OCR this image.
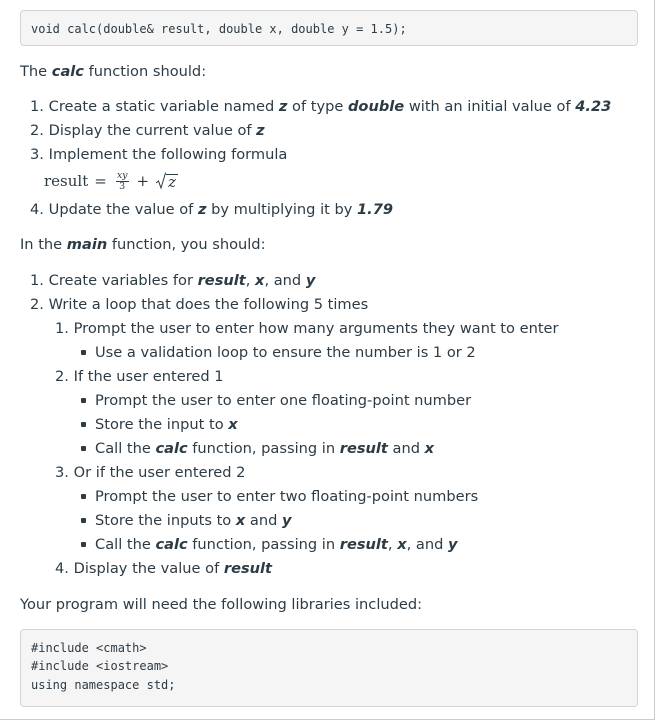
void calc(double& result, double x, double y = 1.5);
The calc function should:
1. Create a static variable named z of type double with an initial value of 4.23
2. Display the current value of z
3. Implement the following formula
result = $\frac{xy}{3} + z$
4. Update the value of z by multiplying it by 1.79
In the main function, you should:
1. Create variables for result, x, and y
2. Write a loop that does the following 5 times
1. Prompt the user to enter how many arguments they want to enter
Use a validation loop to ensure the number is 1 or 2
2. If the user entered 1
Prompt the user to enter one floating-point number
Store the input to x
Call the calc function, passing in result and x
3. Or if the user entered 2
Prompt the user to enter two floating-point numbers
Store the inputs to x and y
Call the calc function, passing in result, x, and y
4. Display the value of result
Your program will need the following libraries included:
#include <cmath>
#include <iostream>
using namespace std;
